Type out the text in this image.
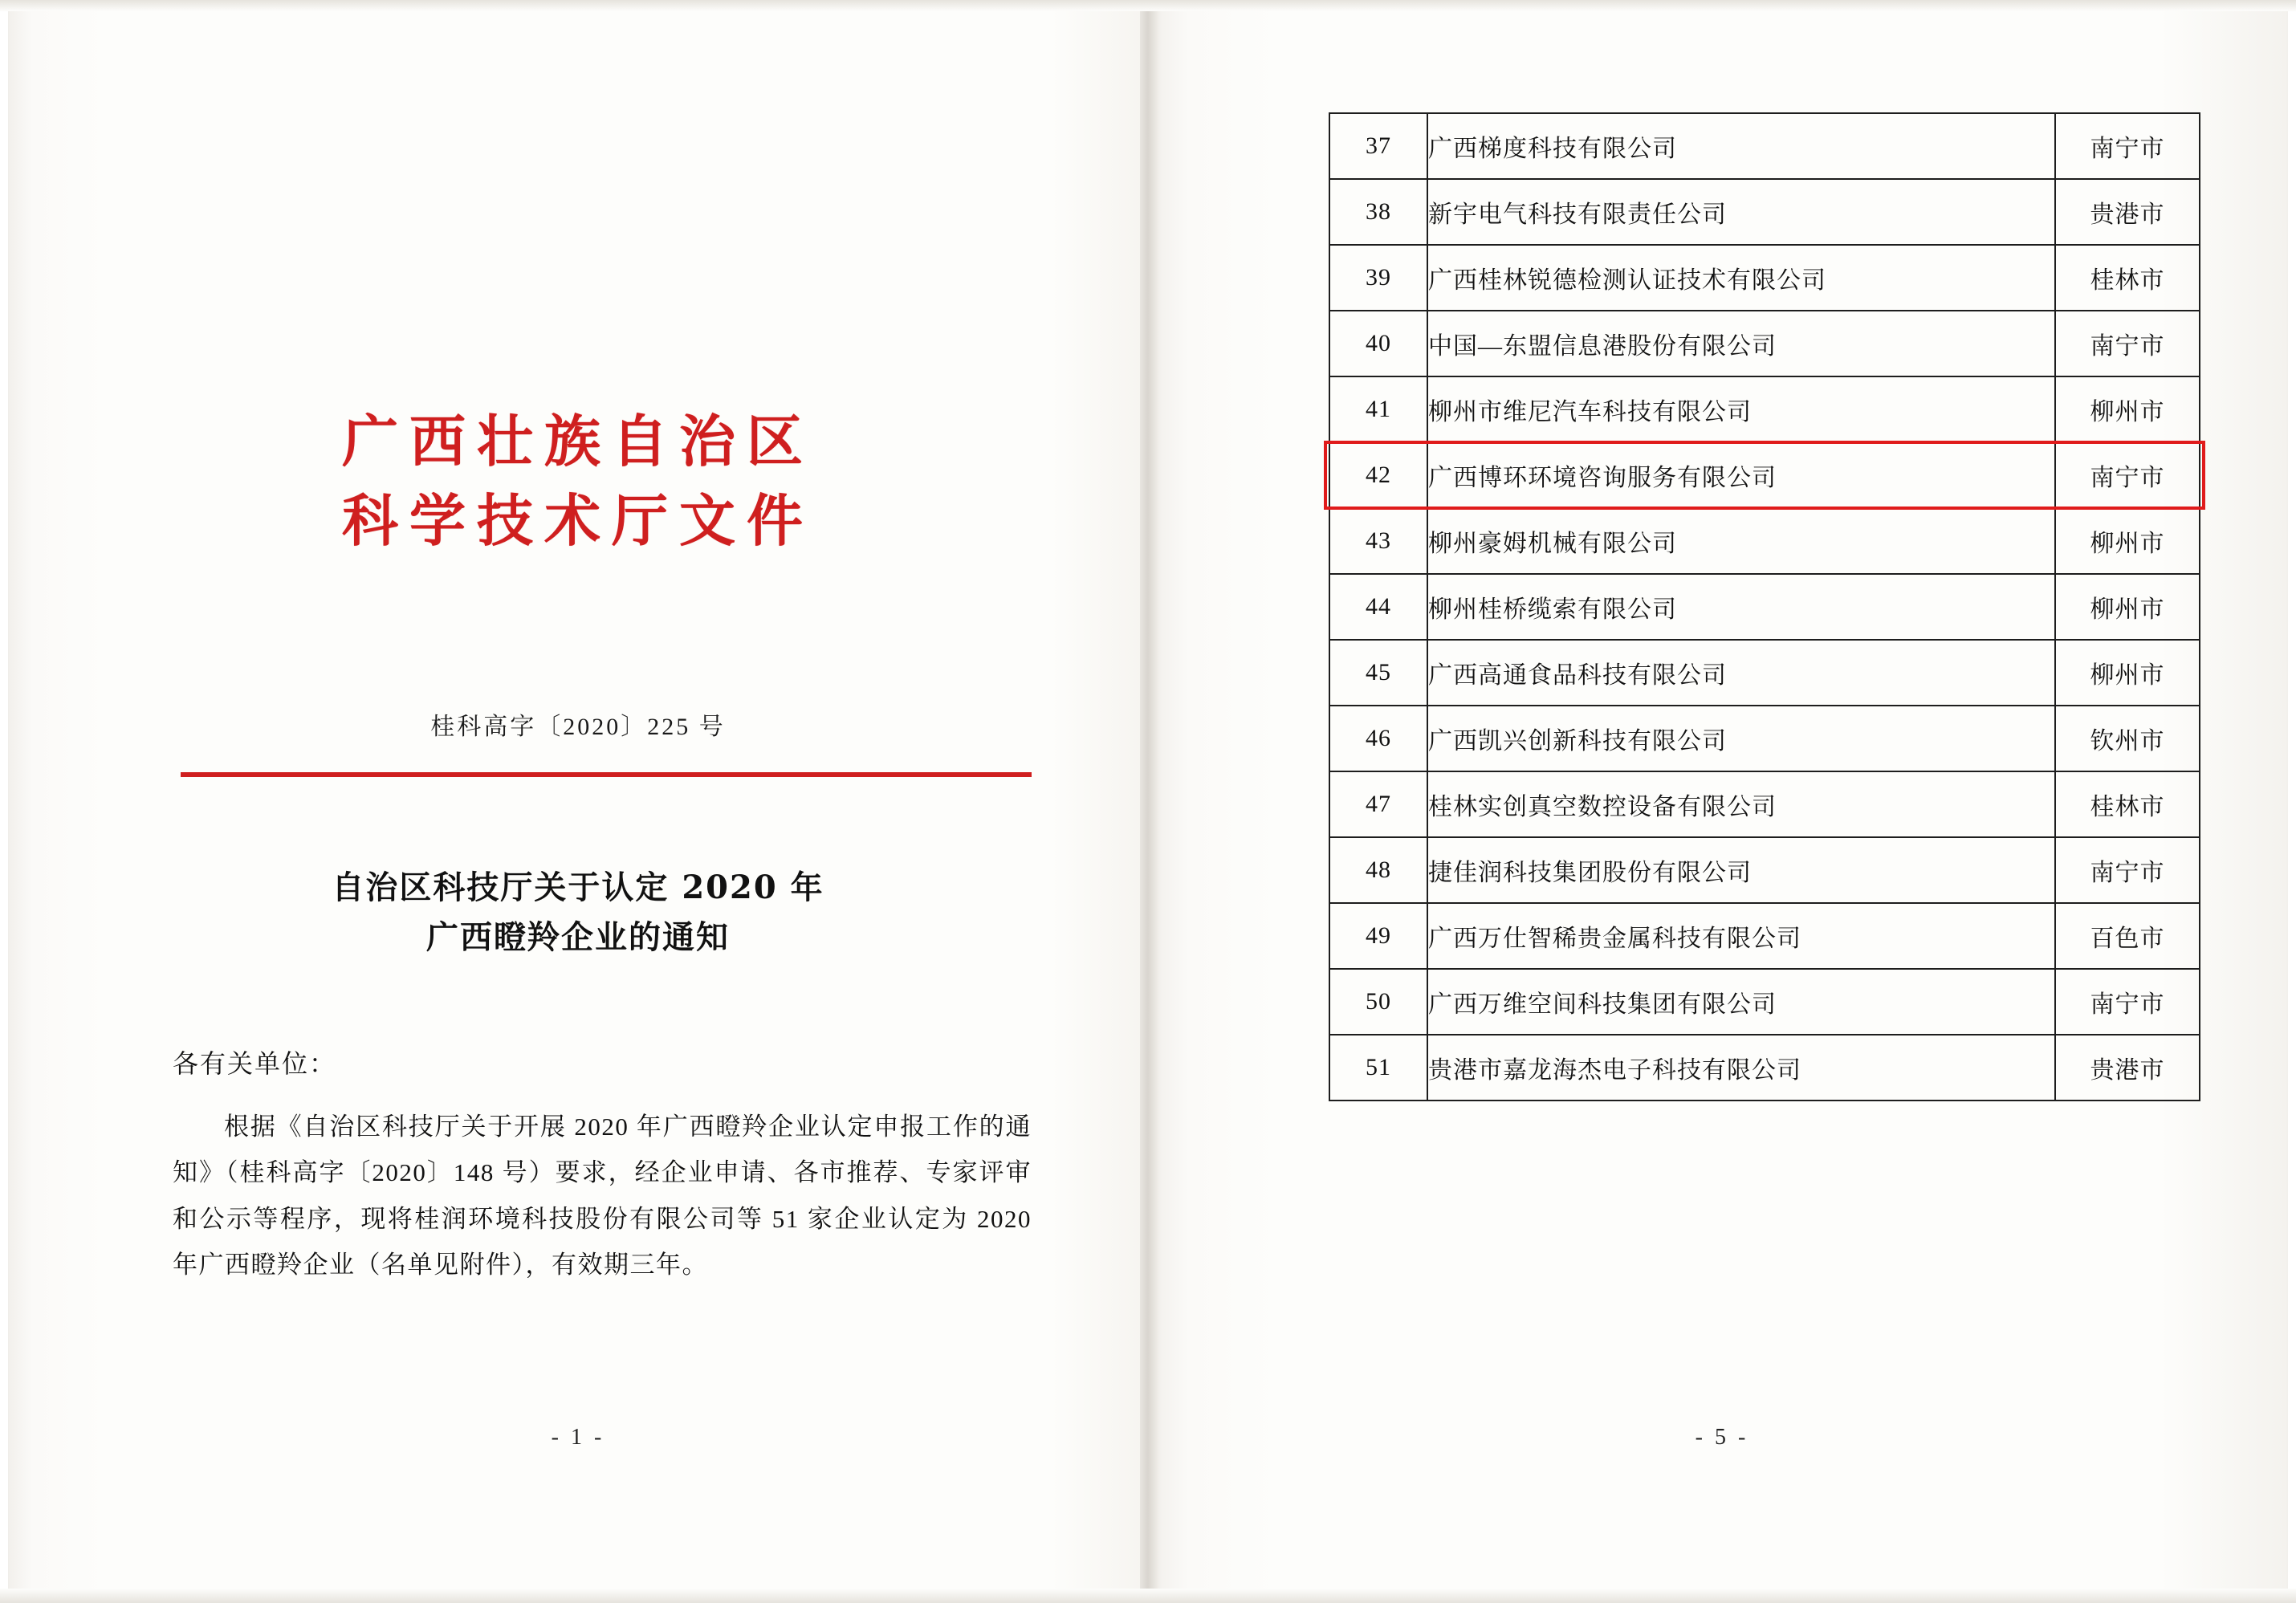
广西壮族自治区
科学技术厅文件
桂科高字〔2020〕225 号
自治区科技厅关于认定 2020 年
广西瞪羚企业的通知
各有关单位：
根据《自治区科技厅关于开展 2020 年广西瞪羚企业认定申报工作的通知》（桂科高字〔2020〕148 号）要求，经企业申请、各市推荐、专家评审和公示等程序，现将桂润环境科技股份有限公司等 51 家企业认定为 2020 年广西瞪羚企业（名单见附件），有效期三年。
- 1 -
37	广西梯度科技有限公司	南宁市
38	新宇电气科技有限责任公司	贵港市
39	广西桂林锐德检测认证技术有限公司	桂林市
40	中国—东盟信息港股份有限公司	南宁市
41	柳州市维尼汽车科技有限公司	柳州市
42	广西博环环境咨询服务有限公司	南宁市
43	柳州豪姆机械有限公司	柳州市
44	柳州桂桥缆索有限公司	柳州市
45	广西高通食品科技有限公司	柳州市
46	广西凯兴创新科技有限公司	钦州市
47	桂林实创真空数控设备有限公司	桂林市
48	捷佳润科技集团股份有限公司	南宁市
49	广西万仕智稀贵金属科技有限公司	百色市
50	广西万维空间科技集团有限公司	南宁市
51	贵港市嘉龙海杰电子科技有限公司	贵港市
- 5 -
